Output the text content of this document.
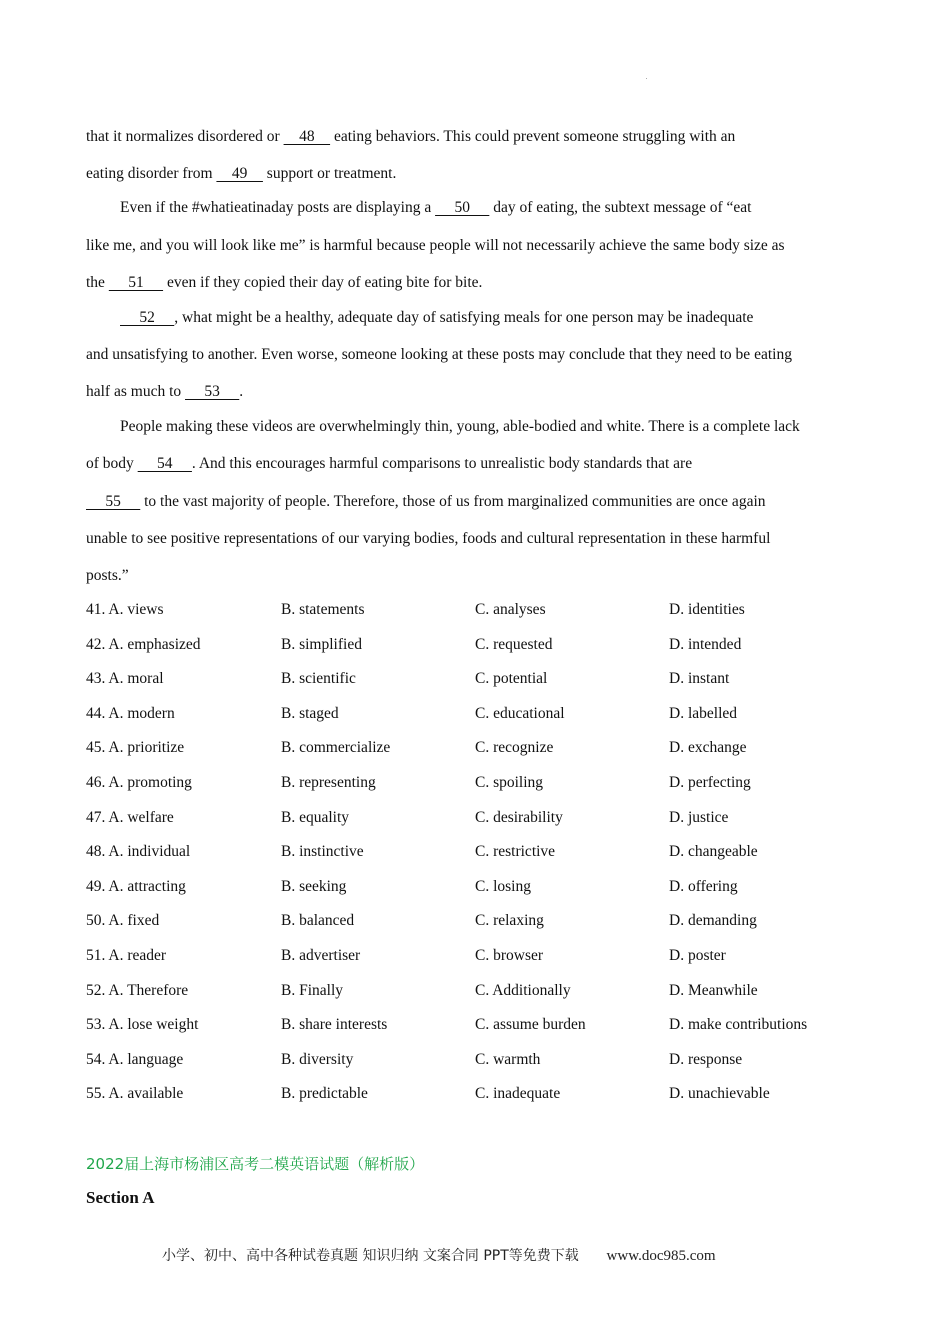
that it normalizes disordered or     48     eating behaviors. This could prevent someone struggling with an
eating disorder from     49     support or treatment.
Even if the #whatieatinaday posts are displaying a      50      day of eating, the subtext message of “eat
like me, and you will look like me” is harmful because people will not necessarily achieve the same body size as
the      51      even if they copied their day of eating bite for bite.
52     , what might be a healthy, adequate day of satisfying meals for one person may be inadequate
and unsatisfying to another. Even worse, someone looking at these posts may conclude that they need to be eating
half as much to      53     .
People making these videos are overwhelmingly thin, young, able-bodied and white. There is a complete lack
of body      54     . And this encourages harmful comparisons to unrealistic body standards that are
55      to the vast majority of people. Therefore, those of us from marginalized communities are once again
unable to see positive representations of our varying bodies, foods and cultural representation in these harmful
posts.”
41. A. views	B. statements	C. analyses	D. identities
42. A. emphasized	B. simplified	C. requested	D. intended
43. A. moral	B. scientific	C. potential	D. instant
44. A. modern	B. staged	C. educational	D. labelled
45. A. prioritize	B. commercialize	C. recognize	D. exchange
46. A. promoting	B. representing	C. spoiling	D. perfecting
47. A. welfare	B. equality	C. desirability	D. justice
48. A. individual	B. instinctive	C. restrictive	D. changeable
49. A. attracting	B. seeking	C. losing	D. offering
50. A. fixed	B. balanced	C. relaxing	D. demanding
51. A. reader	B. advertiser	C. browser	D. poster
52. A. Therefore	B. Finally	C. Additionally	D. Meanwhile
53. A. lose weight	B. share interests	C. assume burden	D. make contributions
54. A. language	B. diversity	C. warmth	D. response
55. A. available	B. predictable	C. inadequate	D. unachievable
2022届上海市杨浦区高考二模英语试题（解析版）
Section A
小学、初中、高中各种试卷真题 知识归纳 文案合同 PPT等免费下载 www.doc985.com
